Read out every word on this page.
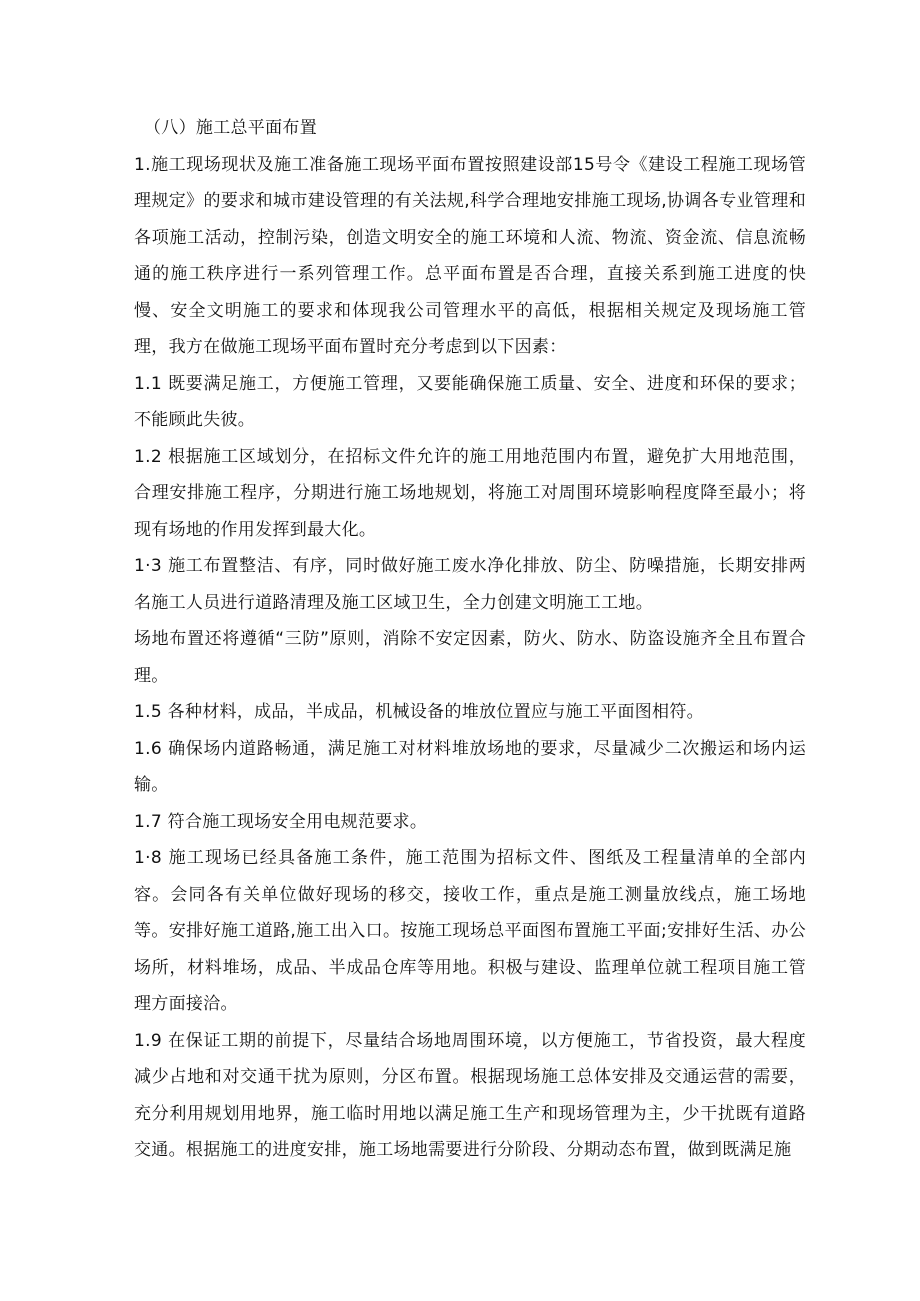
（八）施工总平面布置

1.施工现场现状及施工准备施工现场平面布置按照建设部15号令《建设工程施工现场管理规定》的要求和城市建设管理的有关法规,科学合理地安排施工现场,协调各专业管理和各项施工活动，控制污染，创造文明安全的施工环境和人流、物流、资金流、信息流畅通的施工秩序进行一系列管理工作。总平面布置是否合理，直接关系到施工进度的快慢、安全文明施工的要求和体现我公司管理水平的高低，根据相关规定及现场施工管理，我方在做施工现场平面布置时充分考虑到以下因素：

1.1 既要满足施工，方便施工管理，又要能确保施工质量、安全、进度和环保的要求；不能顾此失彼。

1.2 根据施工区域划分，在招标文件允许的施工用地范围内布置，避免扩大用地范围，合理安排施工程序，分期进行施工场地规划，将施工对周围环境影响程度降至最小；将现有场地的作用发挥到最大化。

1·3 施工布置整洁、有序，同时做好施工废水净化排放、防尘、防噪措施，长期安排两名施工人员进行道路清理及施工区域卫生，全力创建文明施工工地。

场地布置还将遵循“三防”原则，消除不安定因素，防火、防水、防盗设施齐全且布置合理。

1.5 各种材料，成品，半成品，机械设备的堆放位置应与施工平面图相符。

1.6 确保场内道路畅通，满足施工对材料堆放场地的要求，尽量减少二次搬运和场内运输。

1.7 符合施工现场安全用电规范要求。

1·8 施工现场已经具备施工条件，施工范围为招标文件、图纸及工程量清单的全部内容。会同各有关单位做好现场的移交，接收工作，重点是施工测量放线点，施工场地等。安排好施工道路,施工出入口。按施工现场总平面图布置施工平面;安排好生活、办公场所，材料堆场，成品、半成品仓库等用地。积极与建设、监理单位就工程项目施工管理方面接洽。

1.9 在保证工期的前提下，尽量结合场地周围环境，以方便施工，节省投资，最大程度减少占地和对交通干扰为原则，分区布置。根据现场施工总体安排及交通运营的需要，充分利用规划用地界，施工临时用地以满足施工生产和现场管理为主，少干扰既有道路交通。根据施工的进度安排，施工场地需要进行分阶段、分期动态布置，做到既满足施
